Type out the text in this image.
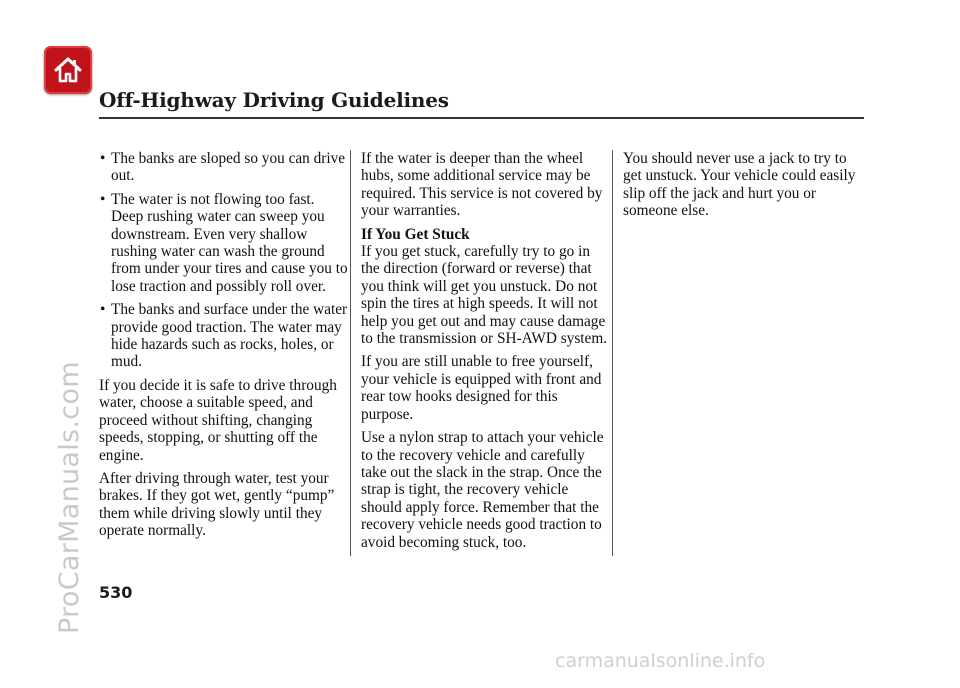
Off-Highway Driving Guidelines
• The banks are sloped so you can drive out.
• The water is not flowing too fast. Deep rushing water can sweep you downstream. Even very shallow rushing water can wash the ground from under your tires and cause you to lose traction and possibly roll over.
• The banks and surface under the water provide good traction. The water may hide hazards such as rocks, holes, or mud.

If you decide it is safe to drive through water, choose a suitable speed, and proceed without shifting, changing speeds, stopping, or shutting off the engine.

After driving through water, test your brakes. If they got wet, gently “pump” them while driving slowly until they operate normally.

If the water is deeper than the wheel hubs, some additional service may be required. This service is not covered by your warranties.

If You Get Stuck

If you get stuck, carefully try to go in the direction (forward or reverse) that you think will get you unstuck. Do not spin the tires at high speeds. It will not help you get out and may cause damage to the transmission or SH-AWD system.

If you are still unable to free yourself, your vehicle is equipped with front and rear tow hooks designed for this purpose.

Use a nylon strap to attach your vehicle to the recovery vehicle and carefully take out the slack in the strap. Once the strap is tight, the recovery vehicle should apply force. Remember that the recovery vehicle needs good traction to avoid becoming stuck, too.

You should never use a jack to try to get unstuck. Your vehicle could easily slip off the jack and hurt you or someone else.

530
ProCarManuals.com
carmanualsonline.info
